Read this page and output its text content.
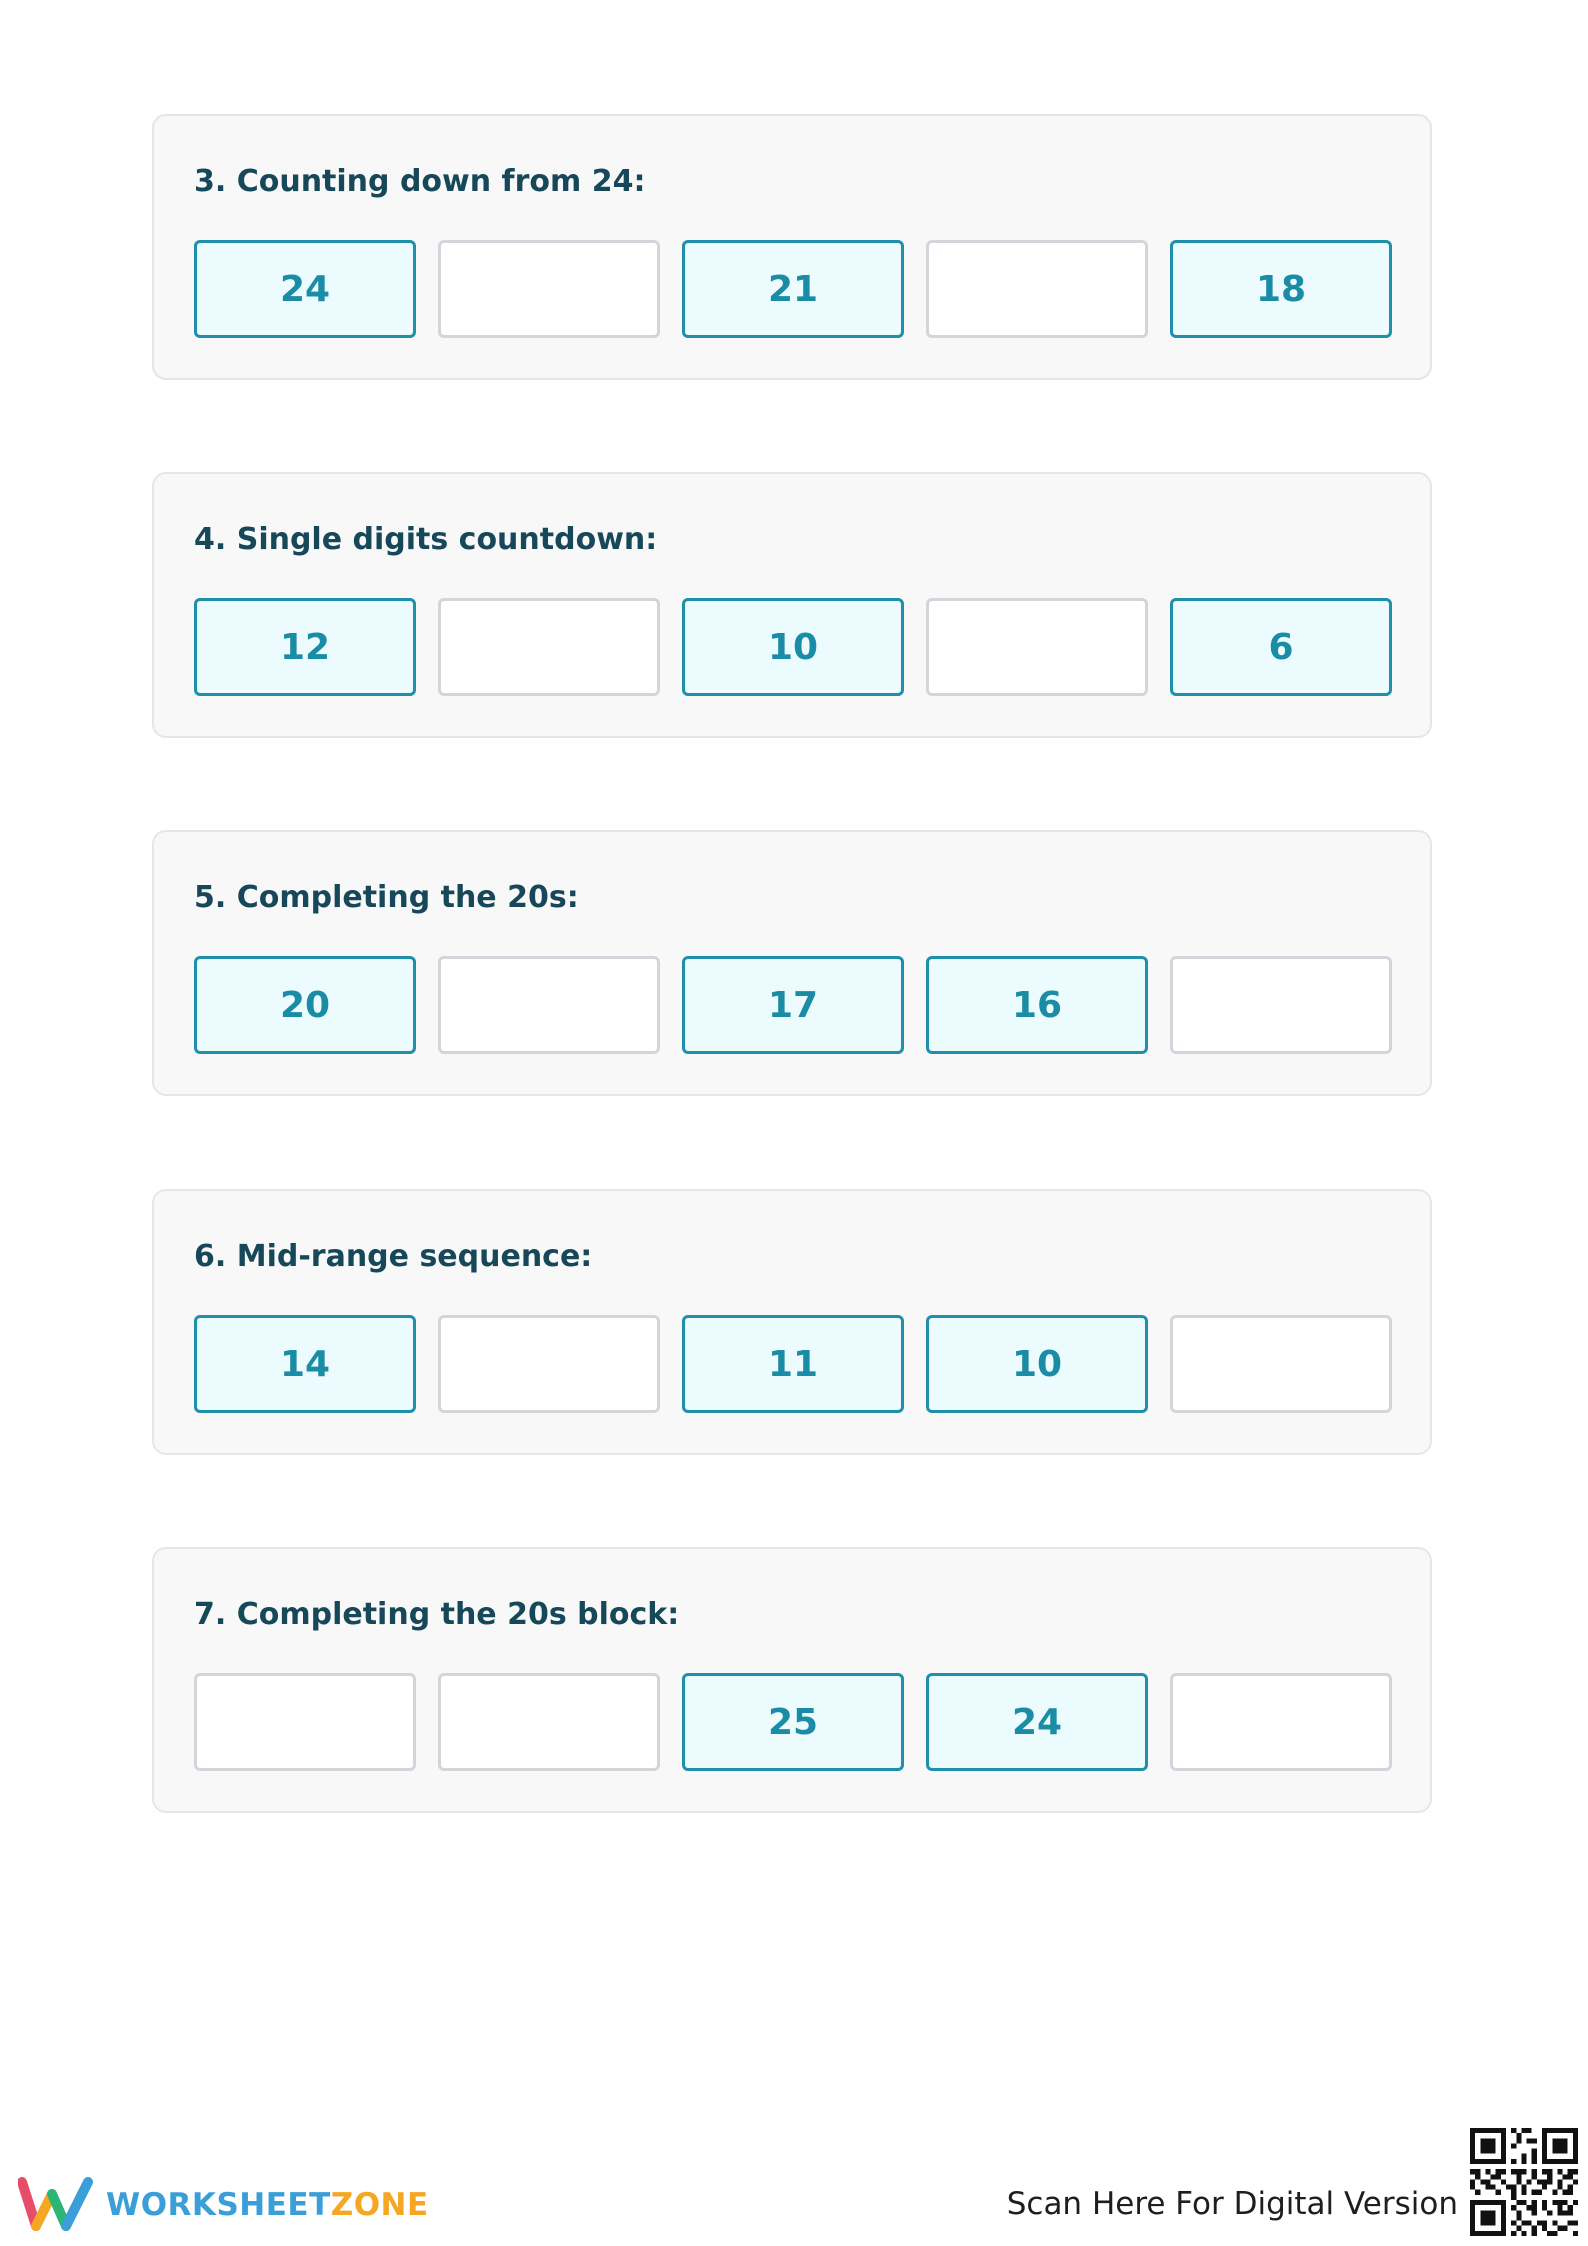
3. Counting down from 24:
24	21	18
4. Single digits countdown:
12	10	6
5. Completing the 20s:
20	17	16
6. Mid-range sequence:
14	11	10
7. Completing the 20s block:
25	24
WORKSHEETZONE	Scan Here For Digital Version
